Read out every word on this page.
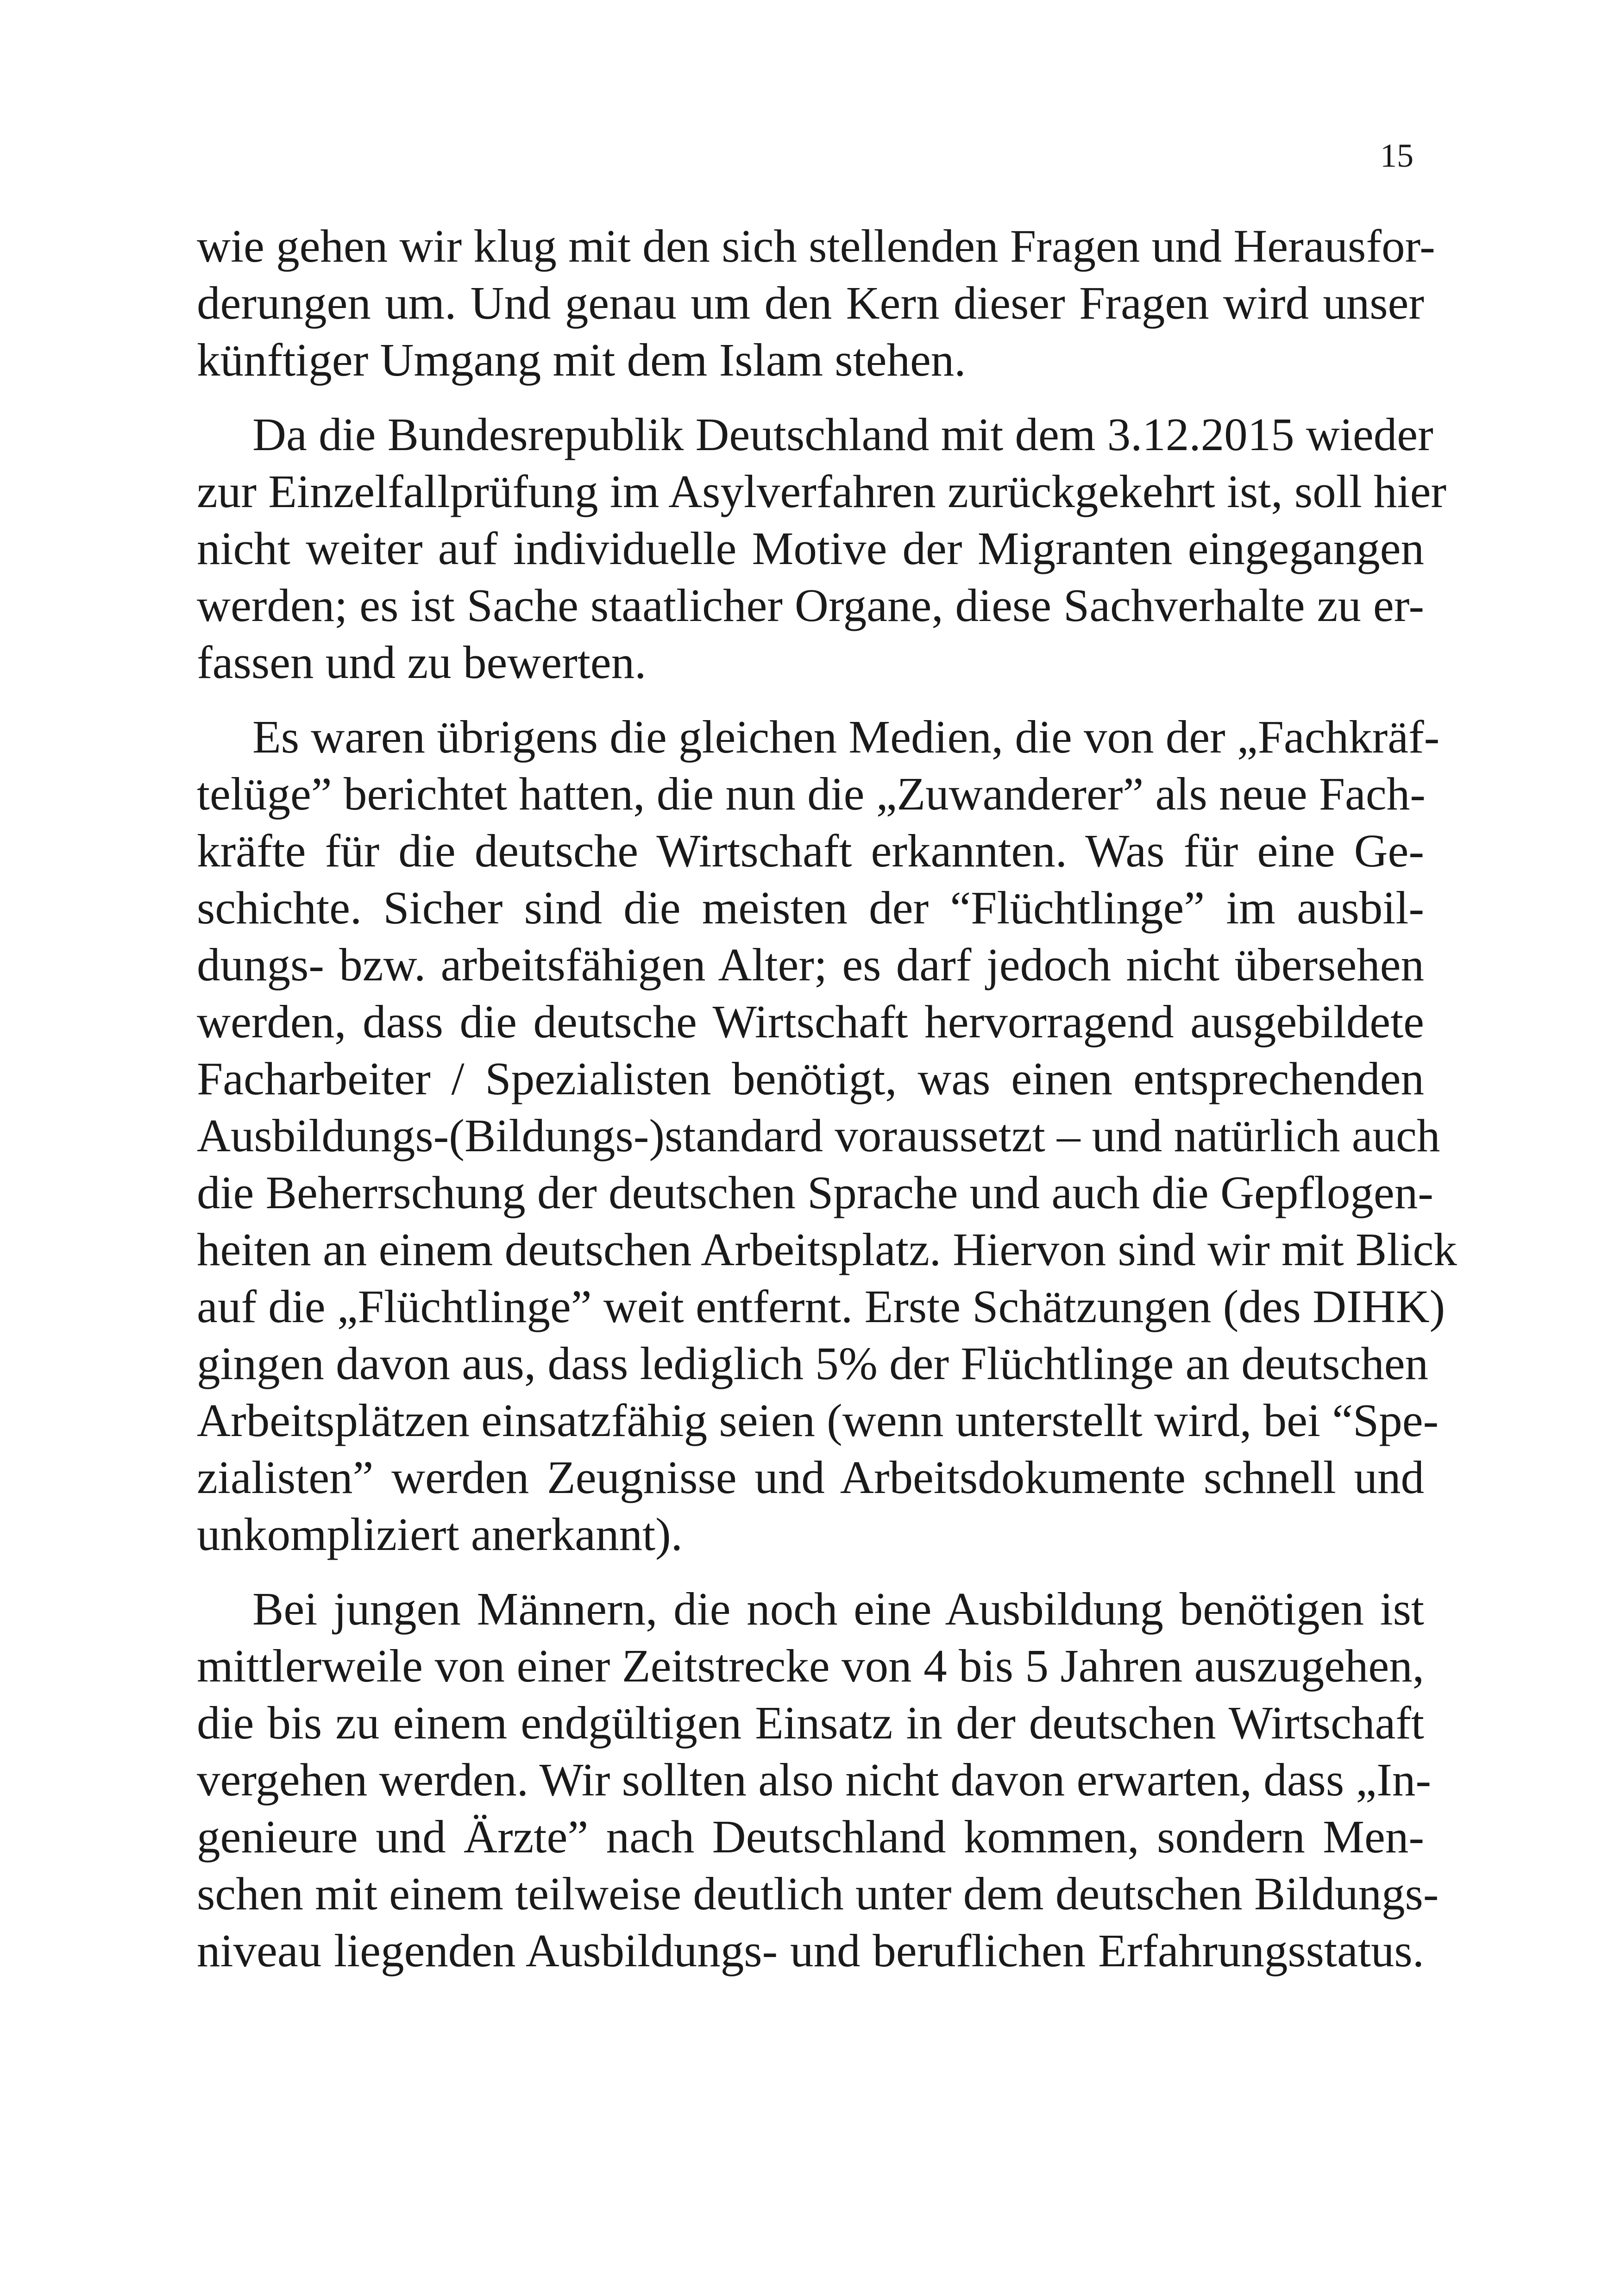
15
wie gehen wir klug mit den sich stellenden Fragen und Herausfor-
derungen um. Und genau um den Kern dieser Fragen wird unser
künftiger Umgang mit dem Islam stehen.
Da die Bundesrepublik Deutschland mit dem 3.12.2015 wieder
zur Einzelfallprüfung im Asylverfahren zurückgekehrt ist, soll hier
nicht weiter auf individuelle Motive der Migranten eingegangen
werden; es ist Sache staatlicher Organe, diese Sachverhalte zu er-
fassen und zu bewerten.
Es waren übrigens die gleichen Medien, die von der „Fachkräf-
telüge” berichtet hatten, die nun die „Zuwanderer” als neue Fach-
kräfte für die deutsche Wirtschaft erkannten. Was für eine Ge-
schichte. Sicher sind die meisten der “Flüchtlinge” im ausbil-
dungs- bzw. arbeitsfähigen Alter; es darf jedoch nicht übersehen
werden, dass die deutsche Wirtschaft hervorragend ausgebildete
Facharbeiter / Spezialisten benötigt, was einen entsprechenden
Ausbildungs-(Bildungs-)standard voraussetzt – und natürlich auch
die Beherrschung der deutschen Sprache und auch die Gepflogen-
heiten an einem deutschen Arbeitsplatz. Hiervon sind wir mit Blick
auf die „Flüchtlinge” weit entfernt. Erste Schätzungen (des DIHK)
gingen davon aus, dass lediglich 5% der Flüchtlinge an deutschen
Arbeitsplätzen einsatzfähig seien (wenn unterstellt wird, bei “Spe-
zialisten” werden Zeugnisse und Arbeitsdokumente schnell und
unkompliziert anerkannt).
Bei jungen Männern, die noch eine Ausbildung benötigen ist
mittlerweile von einer Zeitstrecke von 4 bis 5 Jahren auszugehen,
die bis zu einem endgültigen Einsatz in der deutschen Wirtschaft
vergehen werden. Wir sollten also nicht davon erwarten, dass „In-
genieure und Ärzte” nach Deutschland kommen, sondern Men-
schen mit einem teilweise deutlich unter dem deutschen Bildungs-
niveau liegenden Ausbildungs- und beruflichen Erfahrungsstatus.
